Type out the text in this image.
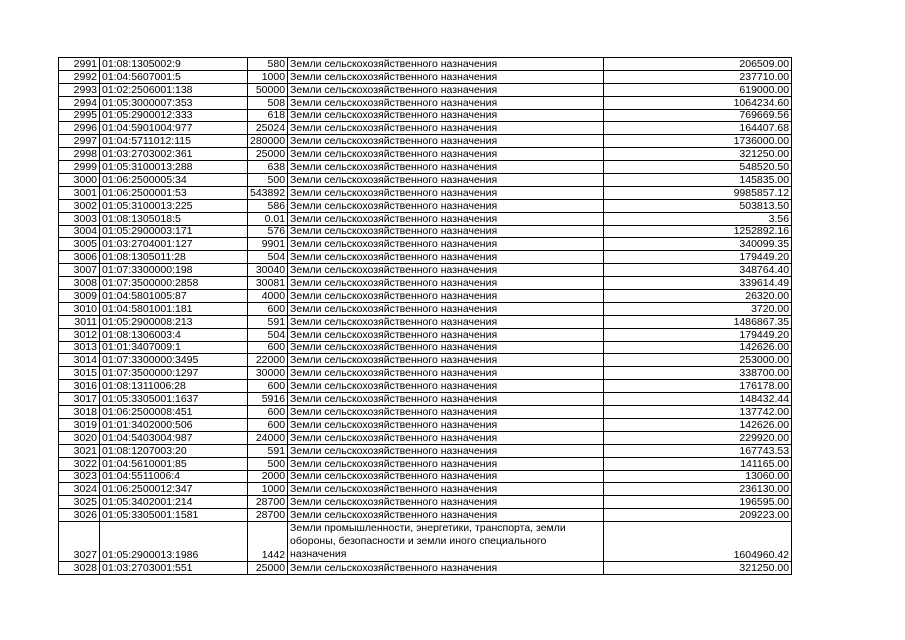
2991	01:08:1305002:9	580	Земли сельскохозяйственного назначения	206509.00
2992	01:04:5607001:5	1000	Земли сельскохозяйственного назначения	237710.00
2993	01:02:2506001:138	50000	Земли сельскохозяйственного назначения	619000.00
2994	01:05:3000007:353	508	Земли сельскохозяйственного назначения	1064234.60
2995	01:05:2900012:333	618	Земли сельскохозяйственного назначения	769669.56
2996	01:04:5901004:977	25024	Земли сельскохозяйственного назначения	164407.68
2997	01:04:5711012:115	280000	Земли сельскохозяйственного назначения	1736000.00
2998	01:03:2703002:361	25000	Земли сельскохозяйственного назначения	321250.00
2999	01:05:3100013:288	638	Земли сельскохозяйственного назначения	548520.50
3000	01:06:2500005:34	500	Земли сельскохозяйственного назначения	145835.00
3001	01:06:2500001:53	543892	Земли сельскохозяйственного назначения	9985857.12
3002	01:05:3100013:225	586	Земли сельскохозяйственного назначения	503813.50
3003	01:08:1305018:5	0.01	Земли сельскохозяйственного назначения	3.56
3004	01:05:2900003:171	576	Земли сельскохозяйственного назначения	1252892.16
3005	01:03:2704001:127	9901	Земли сельскохозяйственного назначения	340099.35
3006	01:08:1305011:28	504	Земли сельскохозяйственного назначения	179449.20
3007	01:07:3300000:198	30040	Земли сельскохозяйственного назначения	348764.40
3008	01:07:3500000:2858	30081	Земли сельскохозяйственного назначения	339614.49
3009	01:04:5801005:87	4000	Земли сельскохозяйственного назначения	26320.00
3010	01:04:5801001:181	600	Земли сельскохозяйственного назначения	3720.00
3011	01:05:2900008:213	591	Земли сельскохозяйственного назначения	1486867.35
3012	01:08:1306003:4	504	Земли сельскохозяйственного назначения	179449.20
3013	01:01:3407009:1	600	Земли сельскохозяйственного назначения	142626.00
3014	01:07:3300000:3495	22000	Земли сельскохозяйственного назначения	253000.00
3015	01:07:3500000:1297	30000	Земли сельскохозяйственного назначения	338700.00
3016	01:08:1311006:28	600	Земли сельскохозяйственного назначения	176178.00
3017	01:05:3305001:1637	5916	Земли сельскохозяйственного назначения	148432.44
3018	01:06:2500008:451	600	Земли сельскохозяйственного назначения	137742.00
3019	01:01:3402000:506	600	Земли сельскохозяйственного назначения	142626.00
3020	01:04:5403004:987	24000	Земли сельскохозяйственного назначения	229920.00
3021	01:08:1207003:20	591	Земли сельскохозяйственного назначения	167743.53
3022	01:04:5610001:85	500	Земли сельскохозяйственного назначения	141165.00
3023	01:04:5511006:4	2000	Земли сельскохозяйственного назначения	13060.00
3024	01:06:2500012:347	1000	Земли сельскохозяйственного назначения	236130.00
3025	01:05:3402001:214	28700	Земли сельскохозяйственного назначения	196595.00
3026	01:05:3305001:1581	28700	Земли сельскохозяйственного назначения	209223.00
3027	01:05:2900013:1986	1442	Земли промышленности, энергетики, транспорта, земли обороны, безопасности и земли иного специального назначения	1604960.42
3028	01:03:2703001:551	25000	Земли сельскохозяйственного назначения	321250.00
